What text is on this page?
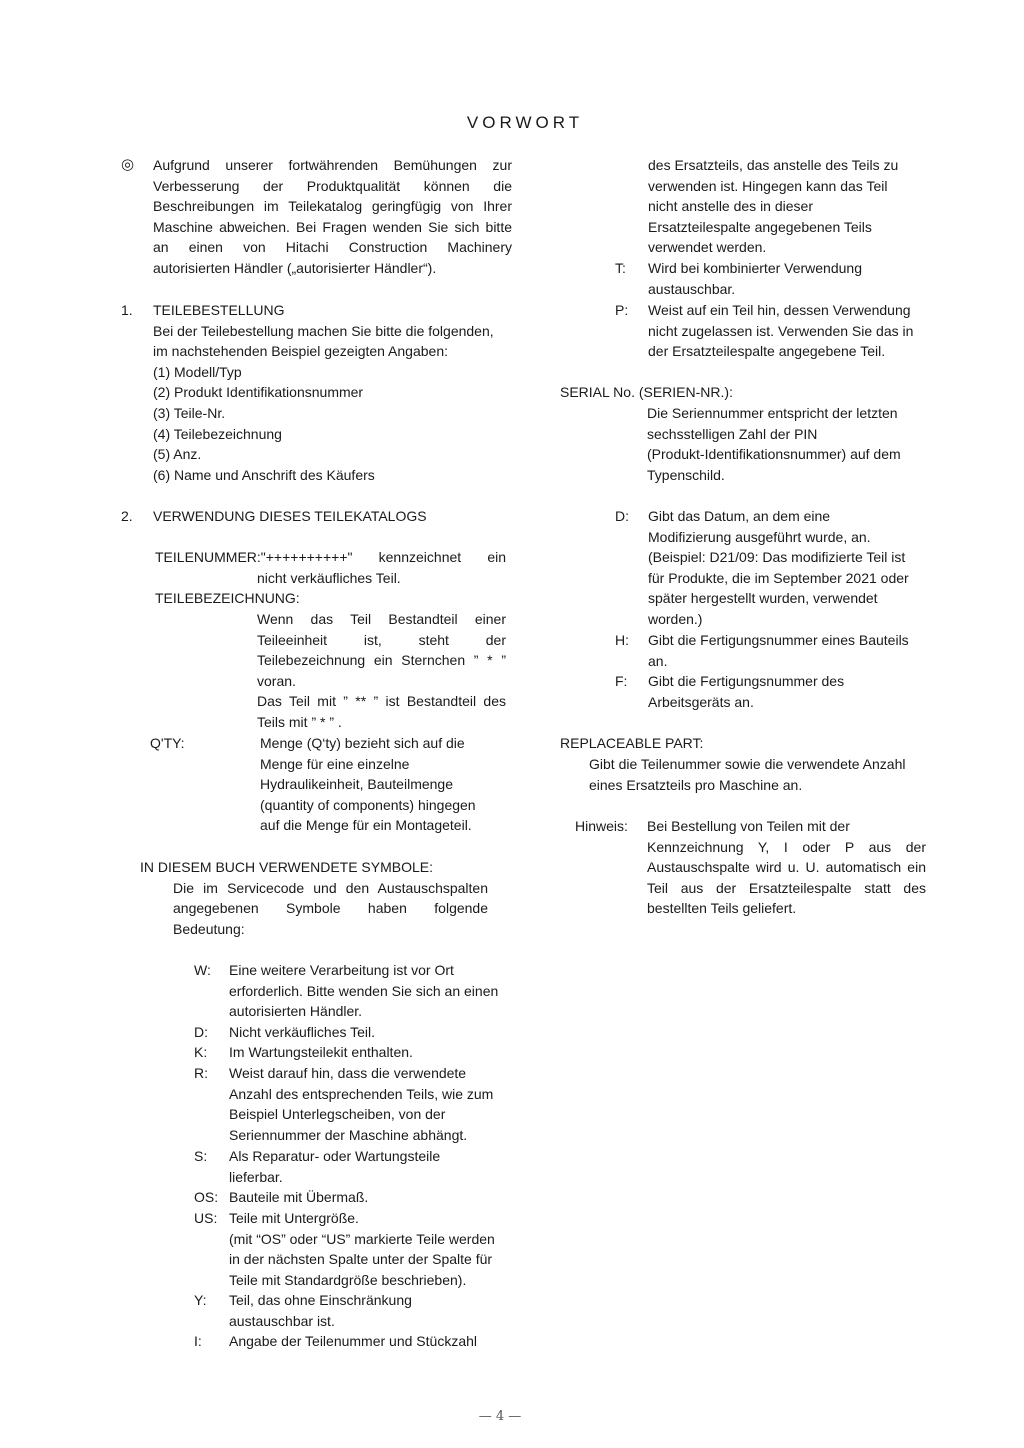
VORWORT
◎ Aufgrund unserer fortwährenden Bemühungen zur
Verbesserung der Produktqualität können die
Beschreibungen im Teilekatalog geringfügig von Ihrer
Maschine abweichen. Bei Fragen wenden Sie sich bitte
an einen von Hitachi Construction Machinery
autorisierten Händler („autorisierter Händler“).
1. TEILEBESTELLUNG
Bei der Teilebestellung machen Sie bitte die folgenden,
im nachstehenden Beispiel gezeigten Angaben:
(1) Modell/Typ
(2) Produkt Identifikationsnummer
(3) Teile-Nr.
(4) Teilebezeichnung
(5) Anz.
(6) Name und Anschrift des Käufers
2. VERWENDUNG DIESES TEILEKATALOGS
TEILENUMMER:"++++++++++" kennzeichnet ein
nicht verkäufliches Teil.
TEILEBEZEICHNUNG:
Wenn das Teil Bestandteil einer
Teileeinheit ist, steht der
Teilebezeichnung ein Sternchen ” * ”
voran.
Das Teil mit ” ** ” ist Bestandteil des
Teils mit ” * ” .
Q'TY:	Menge (Q‘ty) bezieht sich auf die
Menge für eine einzelne
Hydraulikeinheit, Bauteilmenge
(quantity of components) hingegen
auf die Menge für ein Montageteil.
IN DIESEM BUCH VERWENDETE SYMBOLE:
Die im Servicecode und den Austauschspalten
angegebenen Symbole haben folgende
Bedeutung:
W: Eine weitere Verarbeitung ist vor Ort
erforderlich. Bitte wenden Sie sich an einen
autorisierten Händler.
D: Nicht verkäufliches Teil.
K: Im Wartungsteilekit enthalten.
R: Weist darauf hin, dass die verwendete
Anzahl des entsprechenden Teils, wie zum
Beispiel Unterlegscheiben, von der
Seriennummer der Maschine abhängt.
S: Als Reparatur- oder Wartungsteile
lieferbar.
OS: Bauteile mit Übermaß.
US: Teile mit Untergröße.
(mit “OS” oder “US” markierte Teile werden
in der nächsten Spalte unter der Spalte für
Teile mit Standardgröße beschrieben).
Y: Teil, das ohne Einschränkung
austauschbar ist.
I: Angabe der Teilenummer und Stückzahl
des Ersatzteils, das anstelle des Teils zu
verwenden ist. Hingegen kann das Teil
nicht anstelle des in dieser
Ersatzteilespalte angegebenen Teils
verwendet werden.
T: Wird bei kombinierter Verwendung
austauschbar.
P: Weist auf ein Teil hin, dessen Verwendung
nicht zugelassen ist. Verwenden Sie das in
der Ersatzteilespalte angegebene Teil.
SERIAL No. (SERIEN-NR.):
Die Seriennummer entspricht der letzten
sechsstelligen Zahl der PIN
(Produkt-Identifikationsnummer) auf dem
Typenschild.
D: Gibt das Datum, an dem eine
Modifizierung ausgeführt wurde, an.
(Beispiel: D21/09: Das modifizierte Teil ist
für Produkte, die im September 2021 oder
später hergestellt wurden, verwendet
worden.)
H: Gibt die Fertigungsnummer eines Bauteils
an.
F: Gibt die Fertigungsnummer des
Arbeitsgeräts an.
REPLACEABLE PART:
Gibt die Teilenummer sowie die verwendete Anzahl
eines Ersatzteils pro Maschine an.
Hinweis: Bei Bestellung von Teilen mit der
Kennzeichnung Y, I oder P aus der
Austauschspalte wird u. U. automatisch ein
Teil aus der Ersatzteilespalte statt des
bestellten Teils geliefert.
— 4 —
